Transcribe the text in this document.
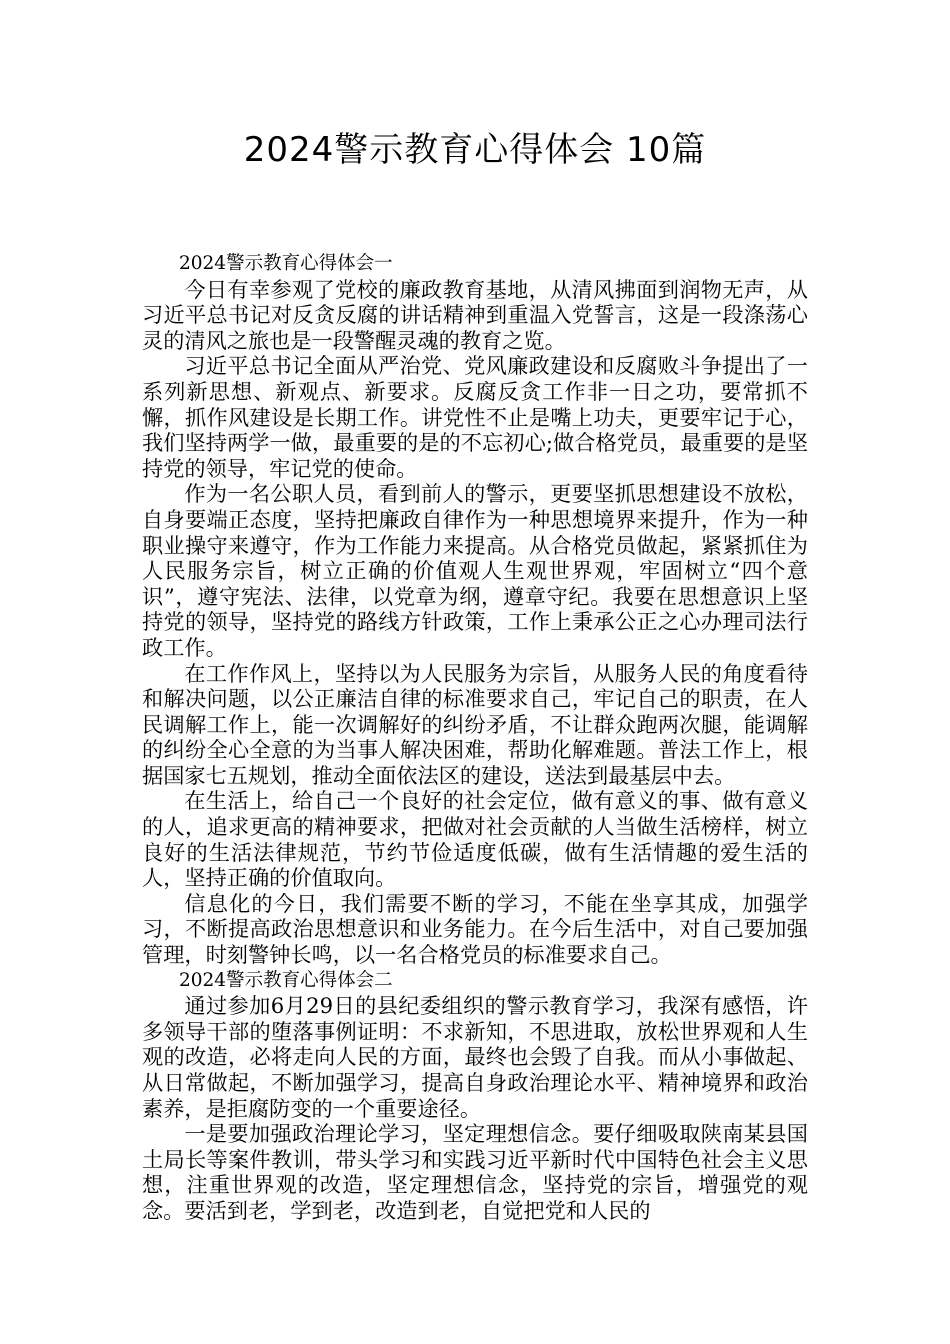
2024警示教育心得体会 10篇

2024警示教育心得体会一

今日有幸参观了党校的廉政教育基地，从清风拂面到润物无声，从习近平总书记对反贪反腐的讲话精神到重温入党誓言，这是一段涤荡心灵的清风之旅也是一段警醒灵魂的教育之览。

习近平总书记全面从严治党、党风廉政建设和反腐败斗争提出了一系列新思想、新观点、新要求。反腐反贪工作非一日之功，要常抓不懈，抓作风建设是长期工作。讲党性不止是嘴上功夫，更要牢记于心，我们坚持两学一做，最重要的是的不忘初心;做合格党员，最重要的是坚持党的领导，牢记党的使命。

作为一名公职人员，看到前人的警示，更要坚抓思想建设不放松，自身要端正态度，坚持把廉政自律作为一种思想境界来提升，作为一种职业操守来遵守，作为工作能力来提高。从合格党员做起，紧紧抓住为人民服务宗旨，树立正确的价值观人生观世界观，牢固树立“四个意识”，遵守宪法、法律，以党章为纲，遵章守纪。我要在思想意识上坚持党的领导，坚持党的路线方针政策，工作上秉承公正之心办理司法行政工作。

在工作作风上，坚持以为人民服务为宗旨，从服务人民的角度看待和解决问题，以公正廉洁自律的标准要求自己，牢记自己的职责，在人民调解工作上，能一次调解好的纠纷矛盾，不让群众跑两次腿，能调解的纠纷全心全意的为当事人解决困难，帮助化解难题。普法工作上，根据国家七五规划，推动全面依法区的建设，送法到最基层中去。

在生活上，给自己一个良好的社会定位，做有意义的事、做有意义的人，追求更高的精神要求，把做对社会贡献的人当做生活榜样，树立良好的生活法律规范，节约节俭适度低碳，做有生活情趣的爱生活的人，坚持正确的价值取向。

信息化的今日，我们需要不断的学习，不能在坐享其成，加强学习，不断提高政治思想意识和业务能力。在今后生活中，对自己要加强管理，时刻警钟长鸣，以一名合格党员的标准要求自己。

2024警示教育心得体会二

通过参加6月29日的县纪委组织的警示教育学习，我深有感悟，许多领导干部的堕落事例证明：不求新知，不思进取，放松世界观和人生观的改造，必将走向人民的方面，最终也会毁了自我。而从小事做起、从日常做起，不断加强学习，提高自身政治理论水平、精神境界和政治素养，是拒腐防变的一个重要途径。

一是要加强政治理论学习，坚定理想信念。要仔细吸取陕南某县国土局长等案件教训，带头学习和实践习近平新时代中国特色社会主义思想，注重世界观的改造，坚定理想信念，坚持党的宗旨，增强党的观念。要活到老，学到老，改造到老，自觉把党和人民的
